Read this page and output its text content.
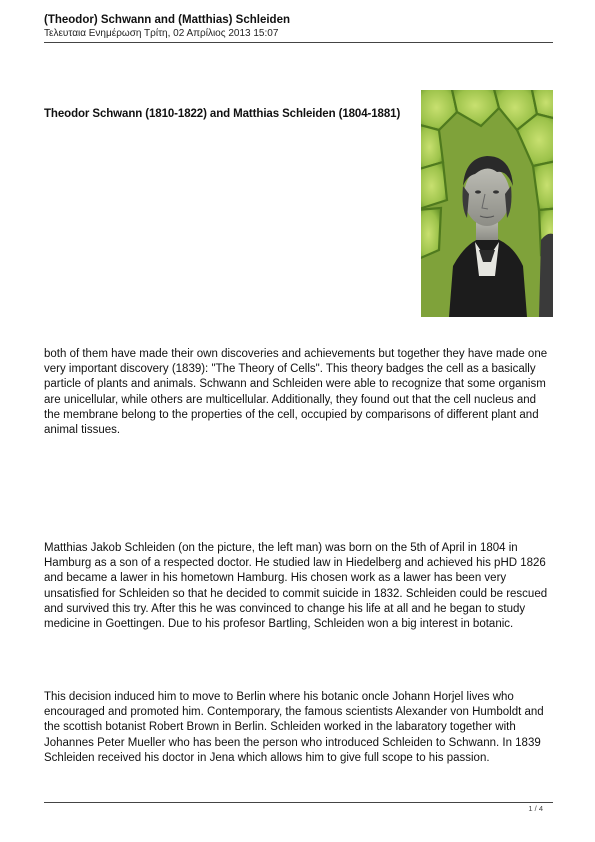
(Theodor) Schwann and (Matthias) Schleiden
Τελευταια Ενημέρωση Τρίτη, 02 Απρίλιος 2013 15:07
Theodor Schwann (1810-1822) and Matthias Schleiden (1804-1881)
both of them have made their own discoveries and achievements but together they have made one very important discovery (1839): "The Theory of Cells". This theory badges the cell as a basically particle of plants and animals. Schwann and Schleiden were able to recognize that some organism are unicellular, while others are multicellular. Additionally, they found out that the cell nucleus and the membrane belong to the properties of the cell, occupied by comparisons of different plant and animal tissues.
Matthias Jakob Schleiden (on the picture, the left man) was born on the 5th of April in 1804 in Hamburg as a son of a respected doctor. He studied law in Hiedelberg and achieved his pHD 1826 and became a lawer in his hometown Hamburg. His chosen work as a lawer has been very unsatisfied for Schleiden so that he decided to commit suicide in 1832. Schleiden could be rescued and survived this try. After this he was convinced to change his life at all and he began to study medicine in Goettingen. Due to his profesor Bartling, Schleiden won a big interest in botanic.
This decision induced him to move to Berlin where his botanic oncle Johann Horjel lives who encouraged and promoted him. Contemporary, the famous scientists Alexander von Humboldt and the scottish botanist Robert Brown in Berlin. Schleiden worked in the labaratory together with Johannes Peter Mueller who has been the person who introduced Schleiden to Schwann. In 1839 Schleiden received his doctor in Jena which allows him to give full scope to his passion.
1 / 4
